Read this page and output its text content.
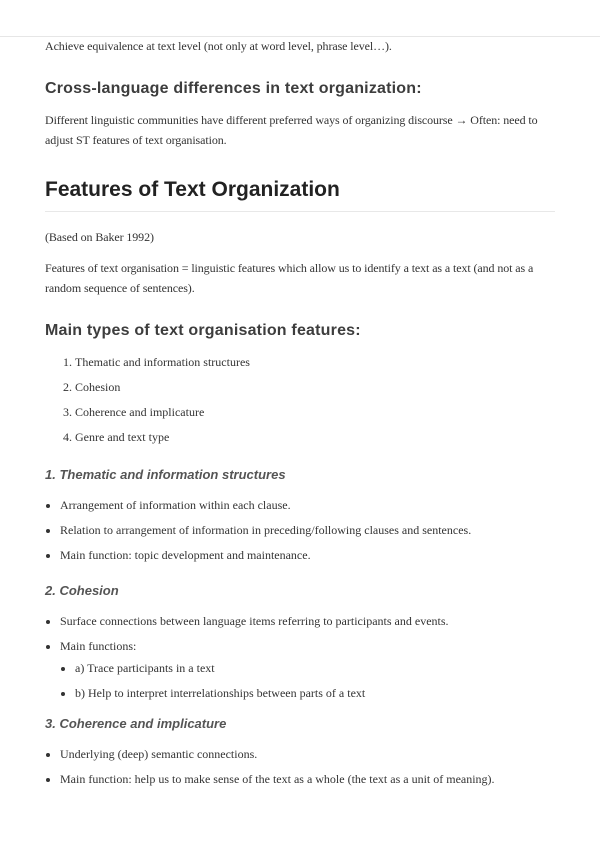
Achieve equivalence at text level (not only at word level, phrase level…).

Cross-language differences in text organization:

Different linguistic communities have different preferred ways of organizing discourse → Often: need to adjust ST features of text organisation.

Features of Text Organization

(Based on Baker 1992)

Features of text organisation = linguistic features which allow us to identify a text as a text (and not as a random sequence of sentences).

Main types of text organisation features:
1. Thematic and information structures
2. Cohesion
3. Coherence and implicature
4. Genre and text type
1. Thematic and information structures
• Arrangement of information within each clause.
• Relation to arrangement of information in preceding/following clauses and sentences.
• Main function: topic development and maintenance.
2. Cohesion
• Surface connections between language items referring to participants and events.
• Main functions:
• a) Trace participants in a text
• b) Help to interpret interrelationships between parts of a text
3. Coherence and implicature
• Underlying (deep) semantic connections.
• Main function: help us to make sense of the text as a whole (the text as a unit of meaning).
